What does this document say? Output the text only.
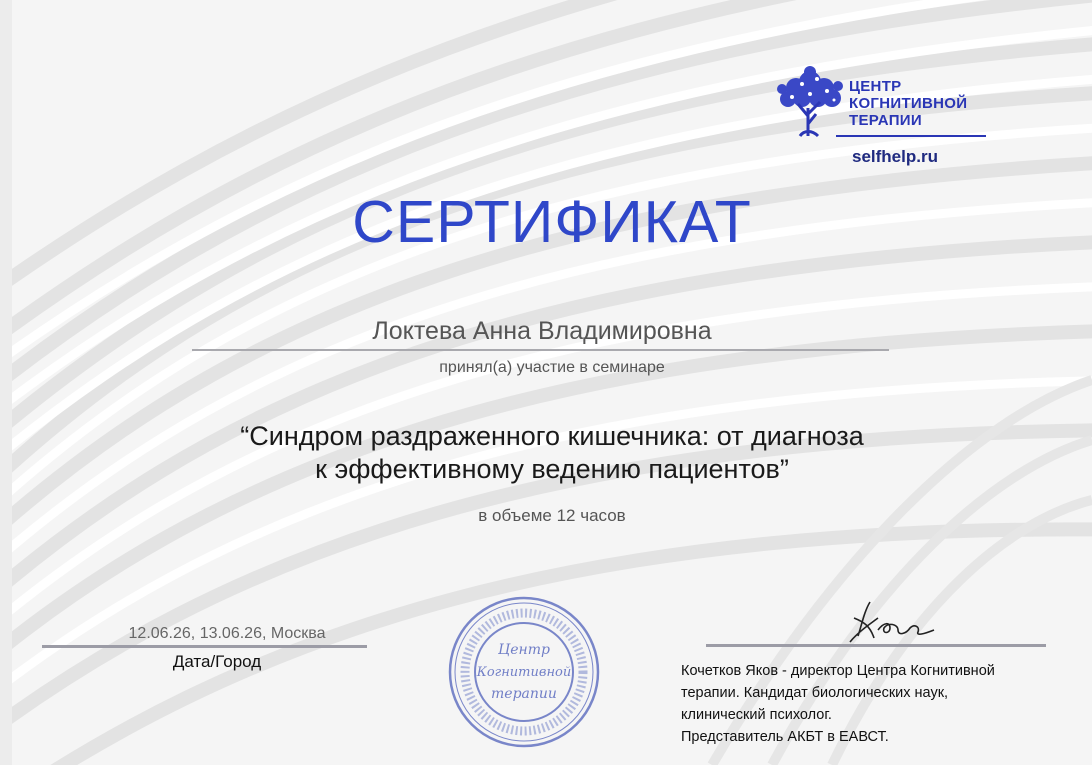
ЦЕНТР
КОГНИТИВНОЙ
ТЕРАПИИ
selfhelp.ru
СЕРТИФИКАТ
Локтева Анна Владимировна
принял(а) участие в семинаре
“Синдром раздраженного кишечника: от диагноза
к эффективному ведению пациентов”
в объеме 12 часов
12.06.26, 13.06.26, Москва
Дата/Город
Центр
Когнитивной
терапии
Кочетков Яков - директор Центра Когнитивной
терапии. Кандидат биологических наук,
клинический психолог.
Представитель АКБТ в ЕАВСТ.
